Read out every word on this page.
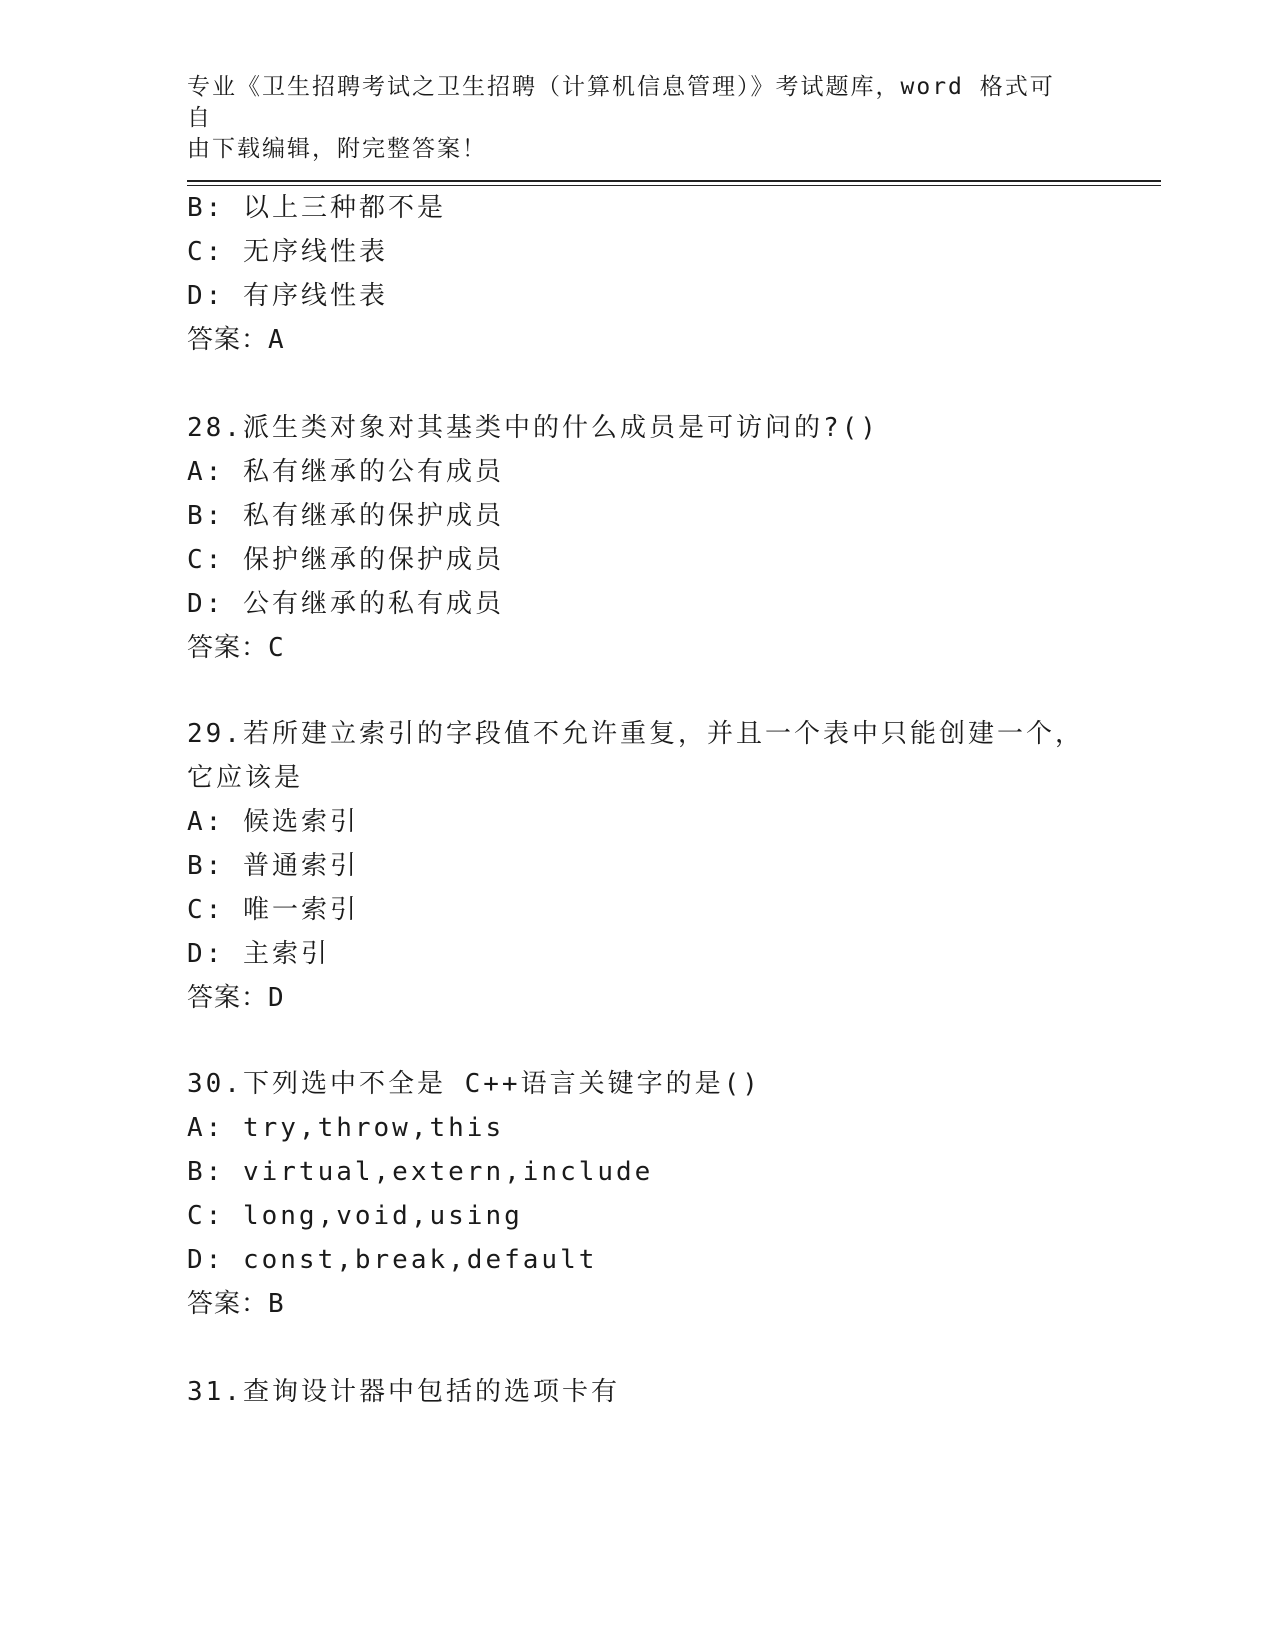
专业《卫生招聘考试之卫生招聘（计算机信息管理）》考试题库，word 格式可自
由下载编辑，附完整答案！
B: 以上三种都不是
C: 无序线性表
D: 有序线性表
答案：A
28.派生类对象对其基类中的什么成员是可访问的?()
A: 私有继承的公有成员
B: 私有继承的保护成员
C: 保护继承的保护成员
D: 公有继承的私有成员
答案：C
29.若所建立索引的字段值不允许重复，并且一个表中只能创建一个，
它应该是
A: 候选索引
B: 普通索引
C: 唯一索引
D: 主索引
答案：D
30.下列选中不全是 C++语言关键字的是()
A: try,throw,this
B: virtual,extern,include
C: long,void,using
D: const,break,default
答案：B
31.查询设计器中包括的选项卡有
